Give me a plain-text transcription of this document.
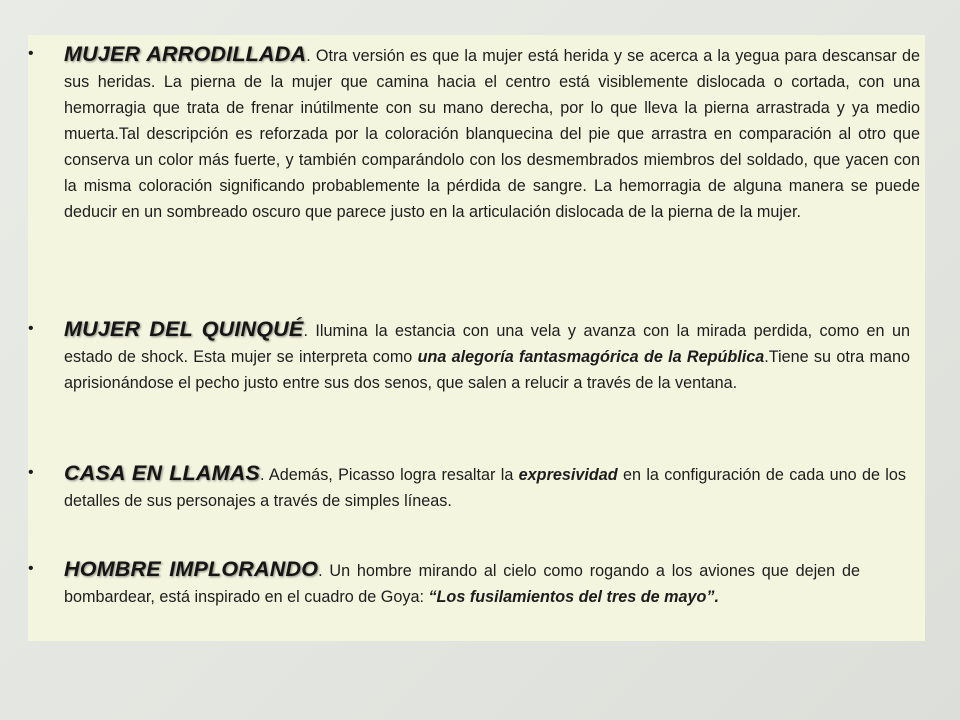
•	MUJER ARRODILLADA. Otra versión es que la mujer está herida y se acerca a la yegua para descansar de sus heridas. La pierna de la mujer que camina hacia el centro está visiblemente dislocada o cortada, con una hemorragia que trata de frenar inútilmente con su mano derecha, por lo que lleva la pierna arrastrada y ya medio muerta.Tal descripción es reforzada por la coloración blanquecina del pie que arrastra en comparación al otro que conserva un color más fuerte, y también comparándolo con los desmembrados miembros del soldado, que yacen con la misma coloración significando probablemente la pérdida de sangre. La hemorragia de alguna manera se puede deducir en un sombreado oscuro que parece justo en la articulación dislocada de la pierna de la mujer.
•	MUJER DEL QUINQUÉ. Ilumina la estancia con una vela y avanza con la mirada perdida, como en un estado de shock. Esta mujer se interpreta como una alegoría fantasmagórica de la República.Tiene su otra mano aprisionándose el pecho justo entre sus dos senos, que salen a relucir a través de la ventana.
•	CASA EN LLAMAS. Además, Picasso logra resaltar la expresividad en la configuración de cada uno de los detalles de sus personajes a través de simples líneas.
•	HOMBRE IMPLORANDO. Un hombre mirando al cielo como rogando a los aviones que dejen de bombardear, está inspirado en el cuadro de Goya: “Los fusilamientos del tres de mayo”.
